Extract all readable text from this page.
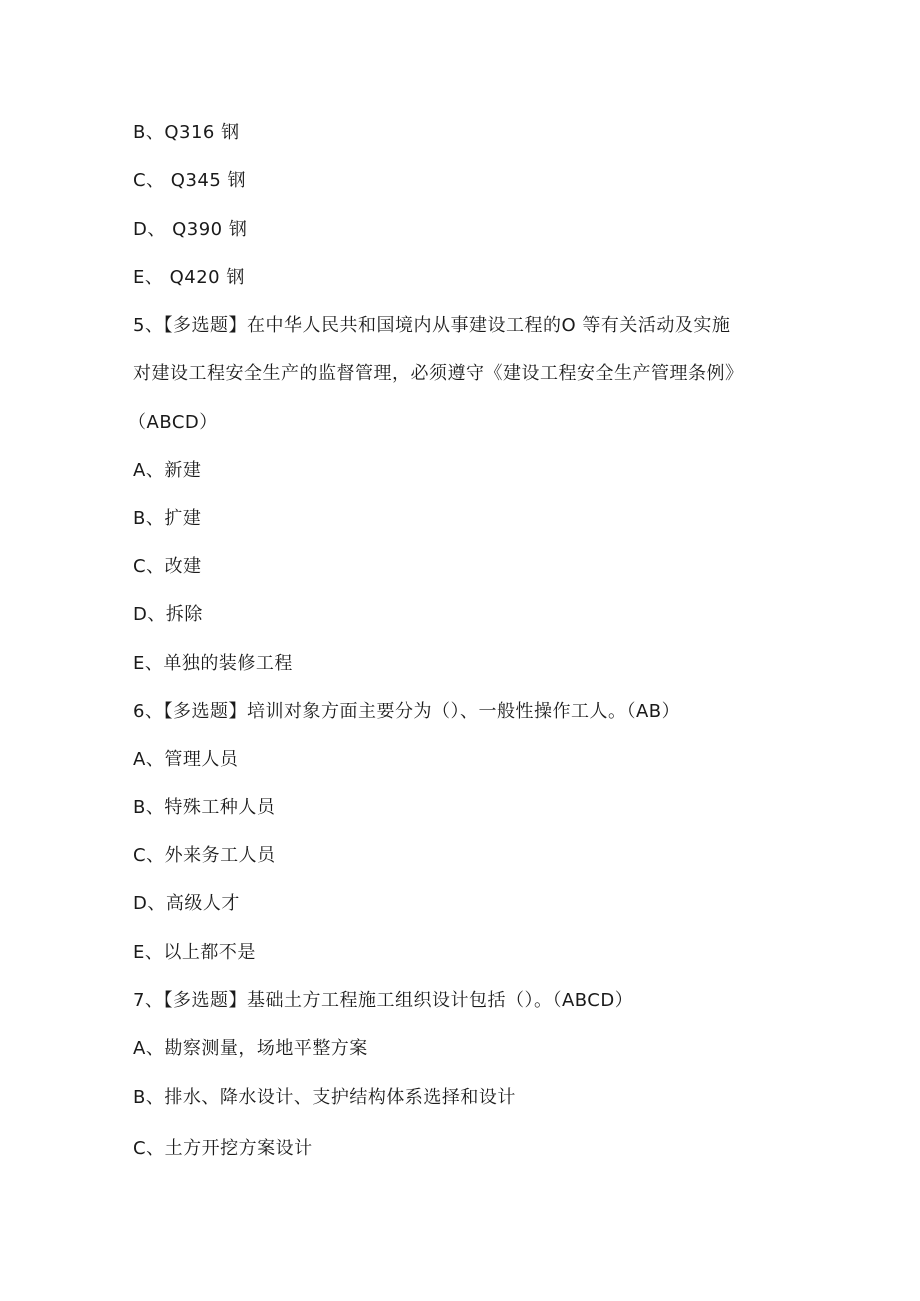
B、Q316 钢
C、 Q345 钢
D、 Q390 钢
E、 Q420 钢
5、【多选题】在中华人民共和国境内从事建设工程的O 等有关活动及实施
对建设工程安全生产的监督管理，必须遵守《建设工程安全生产管理条例》
（ABCD）
A、新建
B、扩建
C、改建
D、拆除
E、单独的装修工程
6、【多选题】培训对象方面主要分为（）、一般性操作工人。（AB）
A、管理人员
B、特殊工种人员
C、外来务工人员
D、高级人才
E、以上都不是
7、【多选题】基础土方工程施工组织设计包括（）。（ABCD）
A、勘察测量，场地平整方案
B、排水、降水设计、支护结构体系选择和设计
C、土方开挖方案设计
